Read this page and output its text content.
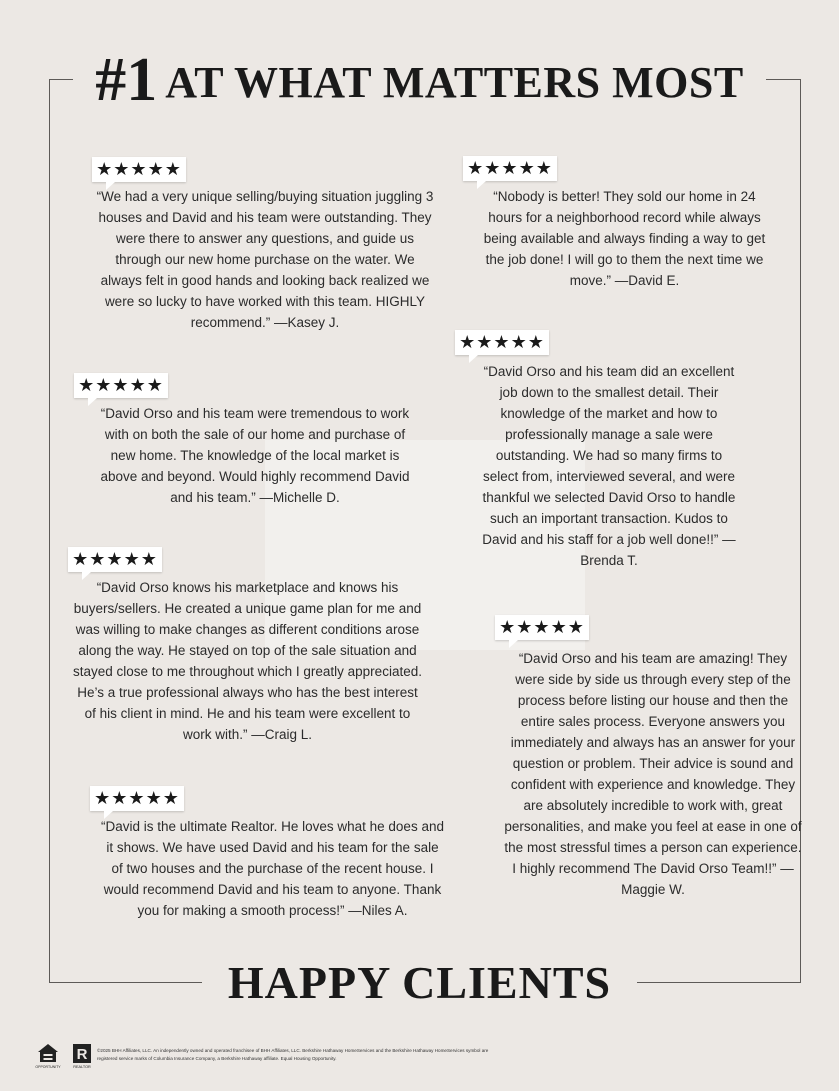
#1 AT WHAT MATTERS MOST
★★★★★

“We had a very unique selling/buying situation juggling 3 houses and David and his team were outstanding. They were there to answer any questions, and guide us through our new home purchase on the water. We always felt in good hands and looking back realized we were so lucky to have worked with this team. HIGHLY recommend.” —Kasey J.

★★★★★

“Nobody is better! They sold our home in 24 hours for a neighborhood record while always being available and always finding a way to get the job done! I will go to them the next time we move.” —David E.

★★★★★

“David Orso and his team did an excellent job down to the smallest detail. Their knowledge of the market and how to professionally manage a sale were outstanding. We had so many firms to select from, interviewed several, and were thankful we selected David Orso to handle such an important transaction. Kudos to David and his staff for a job well done!!” —Brenda T.

★★★★★

“David Orso and his team were tremendous to work with on both the sale of our home and purchase of new home. The knowledge of the local market is above and beyond. Would highly recommend David and his team.” —Michelle D.

★★★★★

“David Orso knows his marketplace and knows his buyers/sellers. He created a unique game plan for me and was willing to make changes as different conditions arose along the way. He stayed on top of the sale situation and stayed close to me throughout which I greatly appreciated. He’s a true professional always who has the best interest of his client in mind. He and his team were excellent to work with.” —Craig L.

★★★★★

“David Orso and his team are amazing! They were side by side us through every step of the process before listing our house and then the entire sales process. Everyone answers you immediately and always has an answer for your question or problem. Their advice is sound and confident with experience and knowledge. They are absolutely incredible to work with, great personalities, and make you feel at ease in one of the most stressful times a person can experience. I highly recommend The David Orso Team!!” —Maggie W.

★★★★★

“David is the ultimate Realtor. He loves what he does and it shows. We have used David and his team for the sale of two houses and the purchase of the recent house. I would recommend David and his team to anyone. Thank you for making a smooth process!” —Niles A.

HAPPY CLIENTS
OPPORTUNITY
R
REALTOR

©2025 BHH Affiliates, LLC. An independently owned and operated franchisee of BHH Affiliates, LLC. Berkshire Hathaway HomeServices and the Berkshire Hathaway HomeServices symbol are registered service marks of Columbia Insurance Company, a Berkshire Hathaway affiliate. Equal Housing Opportunity.
